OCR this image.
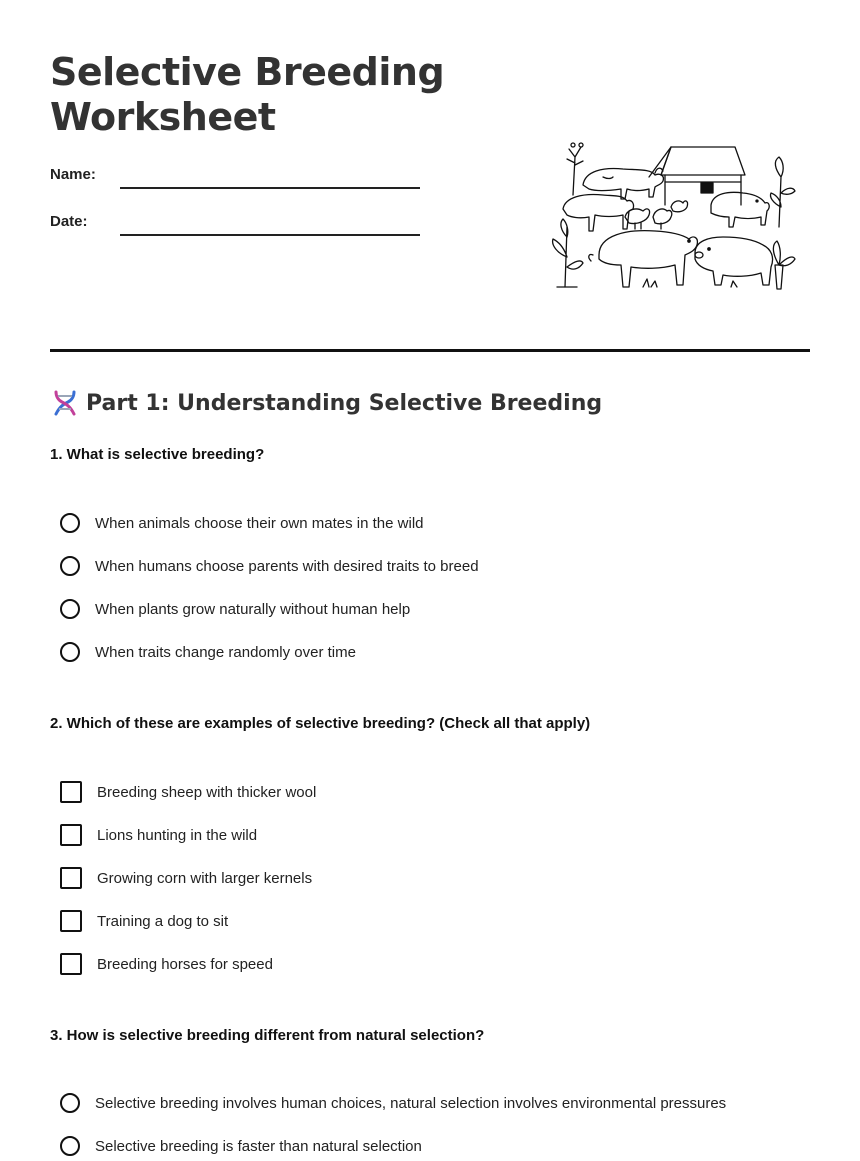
Selective Breeding
Worksheet
Name:
Date:
Part 1: Understanding Selective Breeding

1. What is selective breeding?

When animals choose their own mates in the wild
When humans choose parents with desired traits to breed
When plants grow naturally without human help
When traits change randomly over time

2. Which of these are examples of selective breeding? (Check all that apply)

Breeding sheep with thicker wool
Lions hunting in the wild
Growing corn with larger kernels
Training a dog to sit
Breeding horses for speed

3. How is selective breeding different from natural selection?

Selective breeding involves human choices, natural selection involves environmental pressures
Selective breeding is faster than natural selection
